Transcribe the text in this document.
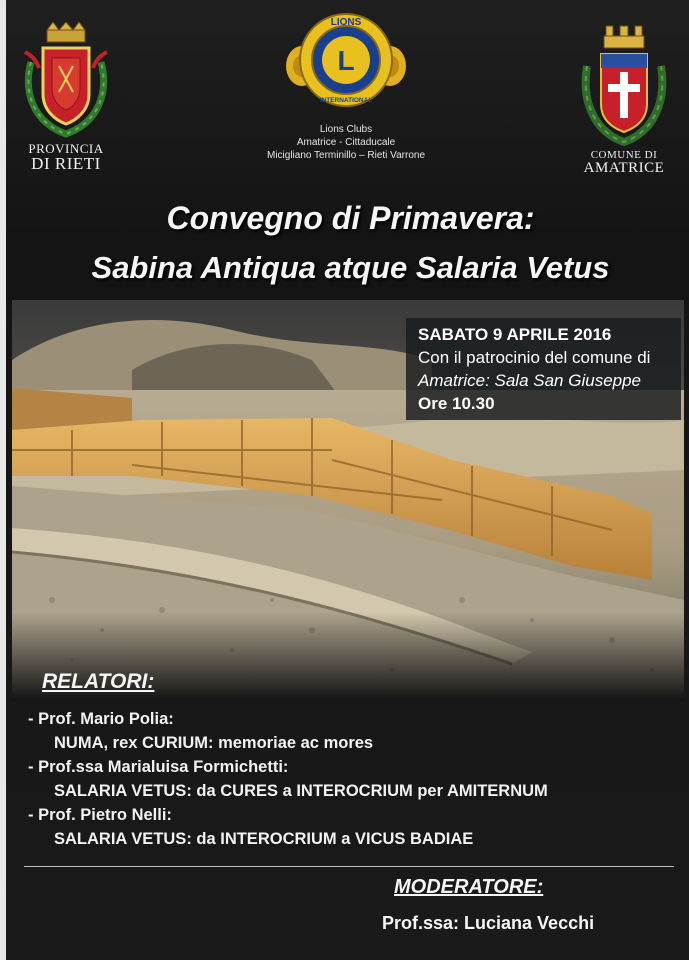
PROVINCIA
DI RIETI
L
LIONS
INTERNATIONAL
Lions Clubs
Amatrice - Cittaducale
Micigliano Terminillo – Rieti Varrone	COMUNE DI
AMATRICE
Convegno di Primavera:
Sabina Antiqua atque Salaria Vetus
SABATO 9 APRILE 2016
Con il patrocinio del comune di
Amatrice: Sala San Giuseppe
Ore 10.30
RELATORI:
- Prof. Mario Polia:
NUMA, rex CURIUM: memoriae ac mores
- Prof.ssa Marialuisa Formichetti:
SALARIA VETUS: da CURES a INTEROCRIUM per AMITERNUM
- Prof. Pietro Nelli:
SALARIA VETUS: da INTEROCRIUM a VICUS BADIAE
MODERATORE:
Prof.ssa: Luciana Vecchi
